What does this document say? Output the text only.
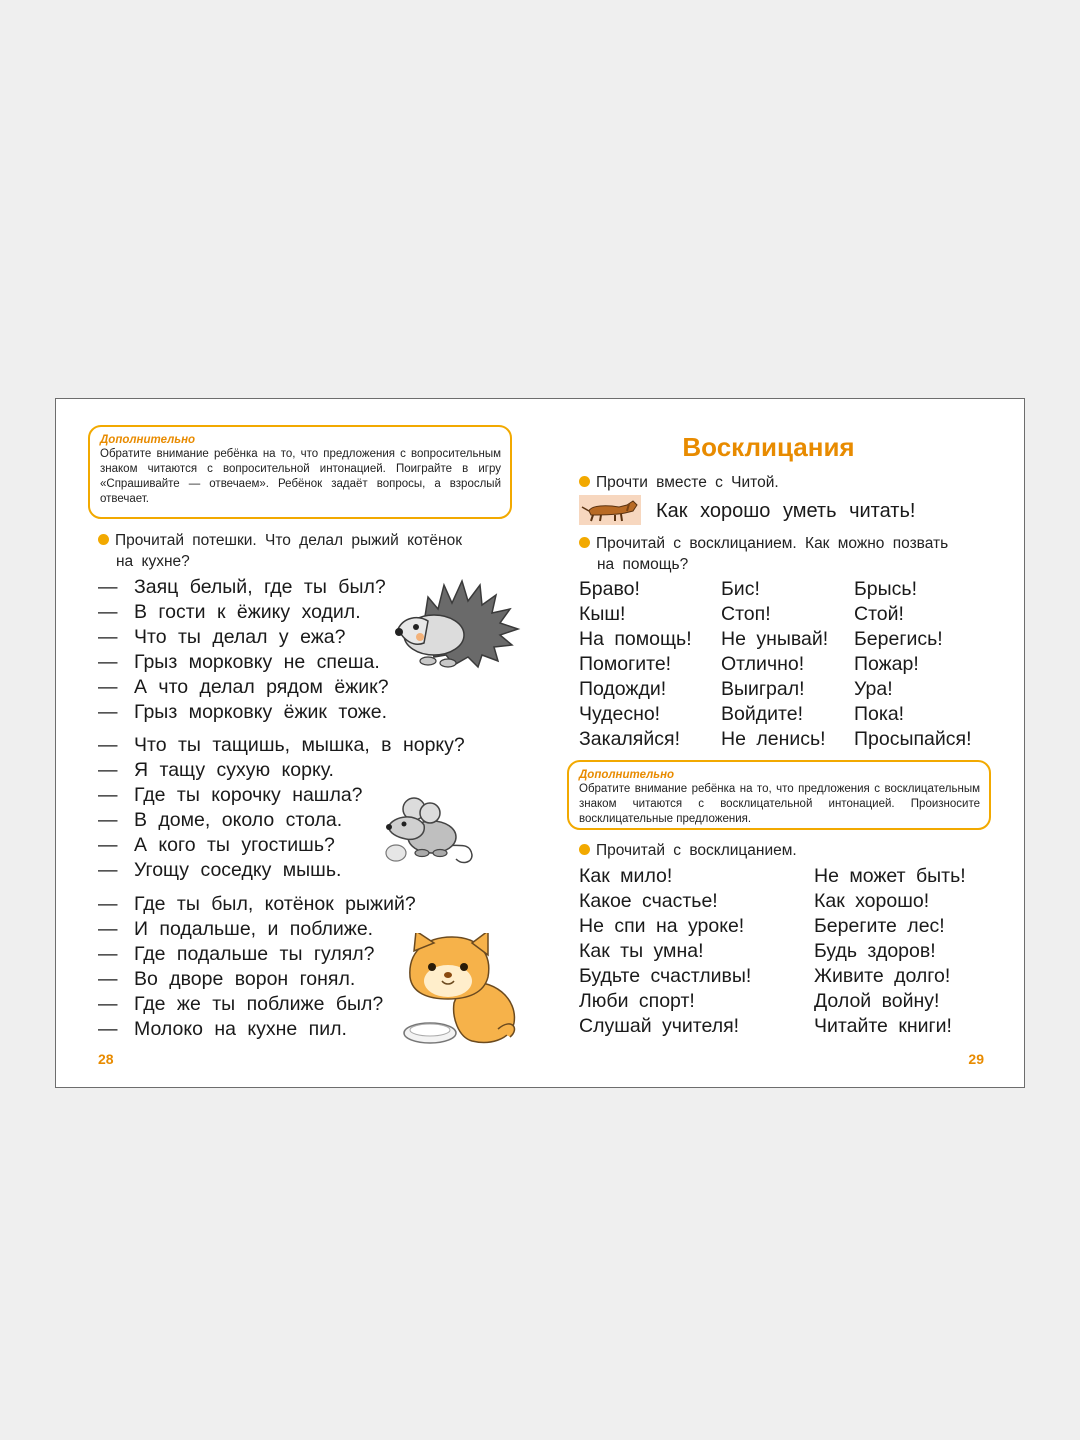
Дополнительно
Обратите внимание ребёнка на то, что предложения с вопросительным знаком читаются с вопросительной интонацией. Поиграйте в игру «Спрашивайте — отвечаем». Ребёнок задаёт вопросы, а взрослый отвечает.
Прочитай потешки. Что делал рыжий котёнок
на кухне?
— Заяц белый, где ты был?
— В гости к ёжику ходил.
— Что ты делал у ежа?
— Грыз морковку не спеша.
— А что делал рядом ёжик?
— Грыз морковку ёжик тоже.
— Что ты тащишь, мышка, в норку?
— Я тащу сухую корку.
— Где ты корочку нашла?
— В доме, около стола.
— А кого ты угостишь?
— Угощу соседку мышь.
— Где ты был, котёнок рыжий?
— И подальше, и поближе.
— Где подальше ты гулял?
— Во дворе ворон гонял.
— Где же ты поближе был?
— Молоко на кухне пил.
28
Восклицания
Прочти вместе с Читой.
Как хорошо уметь читать!
Прочитай с восклицанием. Как можно позвать
на помощь?
Браво!
Кыш!
На помощь!
Помогите!
Подожди!
Чудесно!
Закаляйся!
Бис!
Стоп!
Не унывай!
Отлично!
Выиграл!
Войдите!
Не ленись!
Брысь!
Стой!
Берегись!
Пожар!
Ура!
Пока!
Просыпайся!
Дополнительно
Обратите внимание ребёнка на то, что предложения с восклицательным знаком читаются с восклицательной интонацией. Произносите восклицательные предложения.
Прочитай с восклицанием.
Как мило!
Какое счастье!
Не спи на уроке!
Как ты умна!
Будьте счастливы!
Люби спорт!
Слушай учителя!
Не может быть!
Как хорошо!
Берегите лес!
Будь здоров!
Живите долго!
Долой войну!
Читайте книги!
29
